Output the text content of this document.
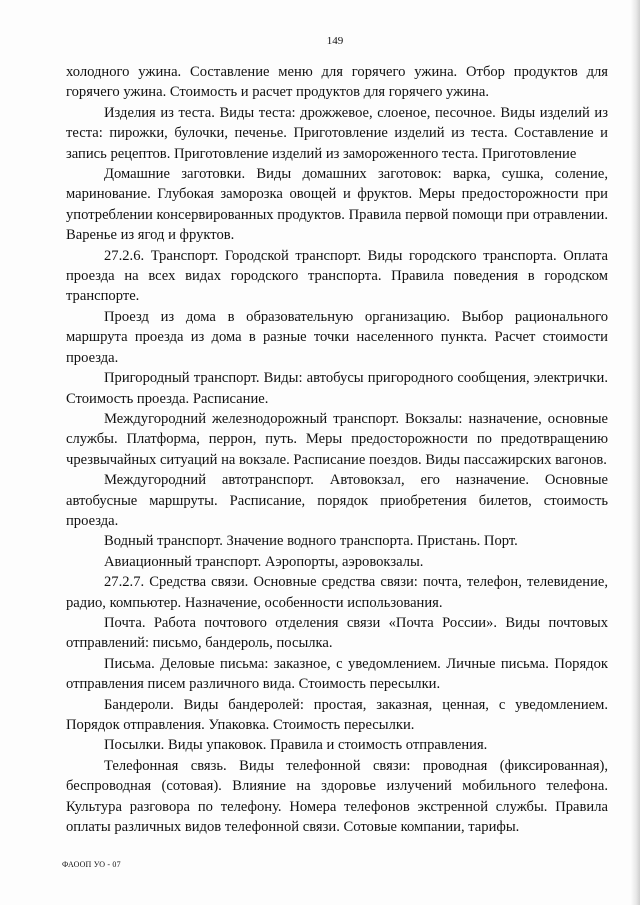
149

холодного ужина. Составление меню для горячего ужина. Отбор продуктов для горячего ужина. Стоимость и расчет продуктов для горячего ужина.

Изделия из теста. Виды теста: дрожжевое, слоеное, песочное. Виды изделий из теста: пирожки, булочки, печенье. Приготовление изделий из теста. Составление и запись рецептов. Приготовление изделий из замороженного теста. Приготовление

Домашние заготовки. Виды домашних заготовок: варка, сушка, соление, маринование. Глубокая заморозка овощей и фруктов. Меры предосторожности при употреблении консервированных продуктов. Правила первой помощи при отравлении. Варенье из ягод и фруктов.

27.2.6. Транспорт. Городской транспорт. Виды городского транспорта. Оплата проезда на всех видах городского транспорта. Правила поведения в городском транспорте.

Проезд из дома в образовательную организацию. Выбор рационального маршрута проезда из дома в разные точки населенного пункта. Расчет стоимости проезда.

Пригородный транспорт. Виды: автобусы пригородного сообщения, электрички. Стоимость проезда. Расписание.

Междугородний железнодорожный транспорт. Вокзалы: назначение, основные службы. Платформа, перрон, путь. Меры предосторожности по предотвращению чрезвычайных ситуаций на вокзале. Расписание поездов. Виды пассажирских вагонов.

Междугородний автотранспорт. Автовокзал, его назначение. Основные автобусные маршруты. Расписание, порядок приобретения билетов, стоимость проезда.

Водный транспорт. Значение водного транспорта. Пристань. Порт.

Авиационный транспорт. Аэропорты, аэровокзалы.

27.2.7. Средства связи. Основные средства связи: почта, телефон, телевидение, радио, компьютер. Назначение, особенности использования.

Почта. Работа почтового отделения связи «Почта России». Виды почтовых отправлений: письмо, бандероль, посылка.

Письма. Деловые письма: заказное, с уведомлением. Личные письма. Порядок отправления писем различного вида. Стоимость пересылки.

Бандероли. Виды бандеролей: простая, заказная, ценная, с уведомлением. Порядок отправления. Упаковка. Стоимость пересылки.

Посылки. Виды упаковок. Правила и стоимость отправления.

Телефонная связь. Виды телефонной связи: проводная (фиксированная), беспроводная (сотовая). Влияние на здоровье излучений мобильного телефона. Культура разговора по телефону. Номера телефонов экстренной службы. Правила оплаты различных видов телефонной связи. Сотовые компании, тарифы.

ФАООП УО - 07
